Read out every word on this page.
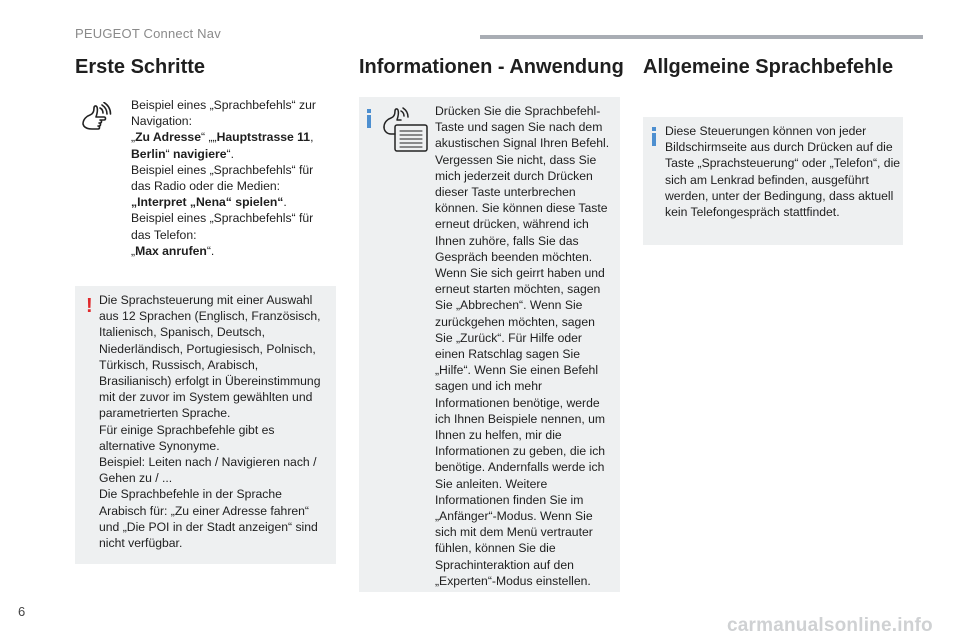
PEUGEOT Connect Nav
Erste Schritte	Informationen - Anwendung Allgemeine Sprachbefehle

Beispiel eines „Sprachbefehls“ zur Navigation:

„Zu Adresse“ „„Hauptstrasse 11,

Berlin“ navigiere“.

Beispiel eines „Sprachbefehls“ für das Radio oder die Medien:

„Interpret „Nena“ spielen“.

Beispiel eines „Sprachbefehls“ für das Telefon:

„Max anrufen“.

! Die Sprachsteuerung mit einer Auswahl aus 12 Sprachen (Englisch, Französisch, Italienisch, Spanisch, Deutsch, Niederländisch, Portugiesisch, Polnisch, Türkisch, Russisch, Arabisch, Brasilianisch) erfolgt in Übereinstimmung mit der zuvor im System gewählten und parametrierten Sprache.

Für einige Sprachbefehle gibt es alternative Synonyme.

Beispiel: Leiten nach / Navigieren nach / Gehen zu / ...

Die Sprachbefehle in der Sprache Arabisch für: „Zu einer Adresse fahren“ und „Die POI in der Stadt anzeigen“ sind nicht verfügbar.

Drücken Sie die Sprachbefehl-Taste und sagen Sie nach dem akustischen Signal Ihren Befehl. Vergessen Sie nicht, dass Sie mich jederzeit durch Drücken dieser Taste unterbrechen können. Sie können diese Taste erneut drücken, während ich Ihnen zuhöre, falls Sie das Gespräch beenden möchten. Wenn Sie sich geirrt haben und erneut starten möchten, sagen Sie „Abbrechen“. Wenn Sie zurückgehen möchten, sagen Sie „Zurück“. Für Hilfe oder einen Ratschlag sagen Sie „Hilfe“. Wenn Sie einen Befehl sagen und ich mehr Informationen benötige, werde ich Ihnen Beispiele nennen, um Ihnen zu helfen, mir die Informationen zu geben, die ich benötige. Andernfalls werde ich Sie anleiten. Weitere Informationen finden Sie im „Anfänger“-Modus. Wenn Sie sich mit dem Menü vertrauter fühlen, können Sie die Sprachinteraktion auf den „Experten“-Modus einstellen.
Diese Steuerungen können von jeder Bildschirmseite aus durch Drücken auf die Taste „Sprachsteuerung“ oder „Telefon“, die sich am Lenkrad befinden, ausgeführt werden, unter der Bedingung, dass aktuell kein Telefongespräch stattfindet.
6
carmanualsonline.info
